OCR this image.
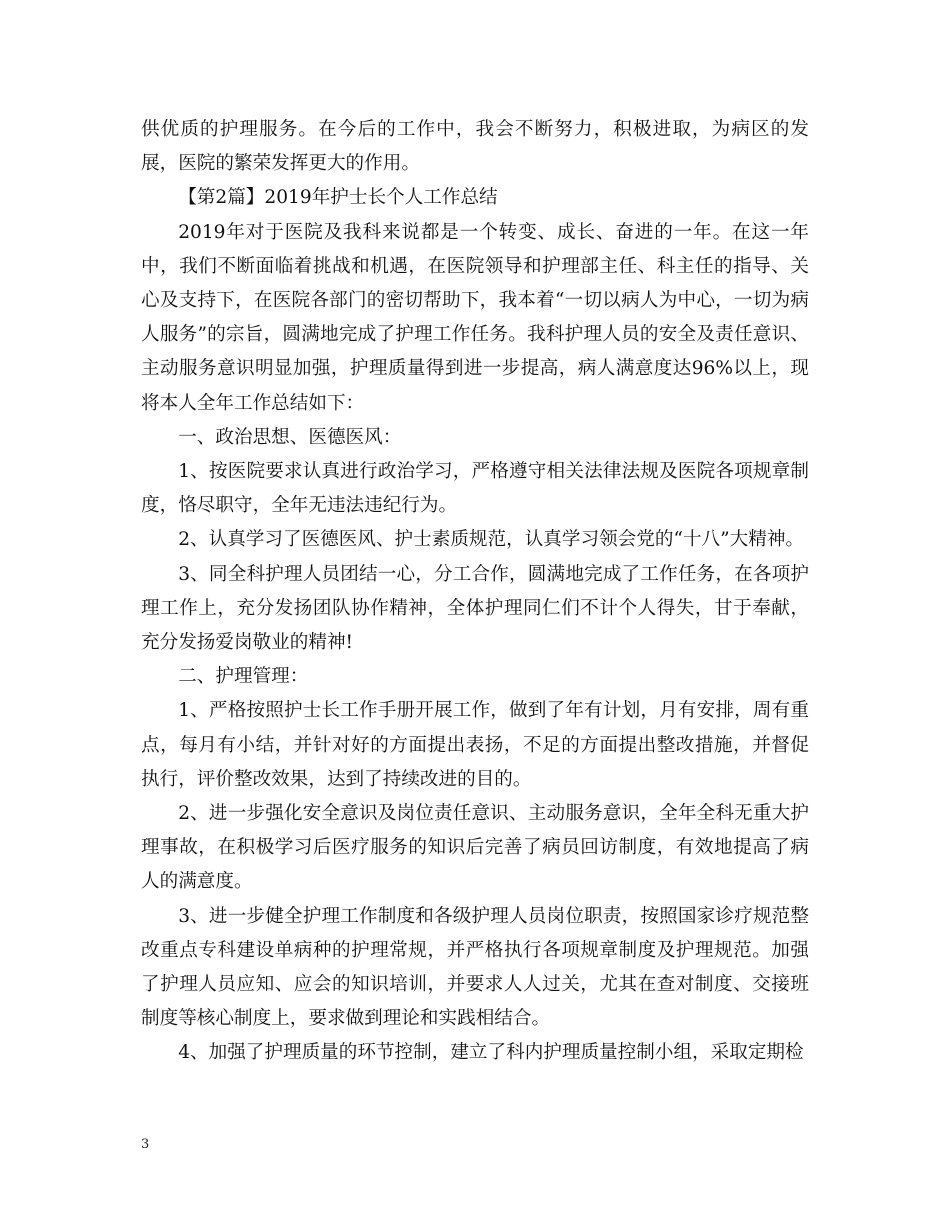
供优质的护理服务。在今后的工作中，我会不断努力，积极进取，为病区的发展，医院的繁荣发挥更大的作用。

【第2篇】2019年护士长个人工作总结

2019年对于医院及我科来说都是一个转变、成长、奋进的一年。在这一年中，我们不断面临着挑战和机遇，在医院领导和护理部主任、科主任的指导、关心及支持下，在医院各部门的密切帮助下，我本着“一切以病人为中心，一切为病人服务”的宗旨，圆满地完成了护理工作任务。我科护理人员的安全及责任意识、主动服务意识明显加强，护理质量得到进一步提高，病人满意度达96%以上，现将本人全年工作总结如下：

一、政治思想、医德医风：

1、按医院要求认真进行政治学习，严格遵守相关法律法规及医院各项规章制度，恪尽职守，全年无违法违纪行为。

2、认真学习了医德医风、护士素质规范，认真学习领会党的“十八”大精神。

3、同全科护理人员团结一心，分工合作，圆满地完成了工作任务，在各项护理工作上，充分发扬团队协作精神，全体护理同仁们不计个人得失，甘于奉献，充分发扬爱岗敬业的精神!

二、护理管理：

1、严格按照护士长工作手册开展工作，做到了年有计划，月有安排，周有重点，每月有小结，并针对好的方面提出表扬，不足的方面提出整改措施，并督促执行，评价整改效果，达到了持续改进的目的。

2、进一步强化安全意识及岗位责任意识、主动服务意识，全年全科无重大护理事故，在积极学习后医疗服务的知识后完善了病员回访制度，有效地提高了病人的满意度。

3、进一步健全护理工作制度和各级护理人员岗位职责，按照国家诊疗规范整改重点专科建设单病种的护理常规，并严格执行各项规章制度及护理规范。加强了护理人员应知、应会的知识培训，并要求人人过关，尤其在查对制度、交接班制度等核心制度上，要求做到理论和实践相结合。

4、加强了护理质量的环节控制，建立了科内护理质量控制小组，采取定期检

3
